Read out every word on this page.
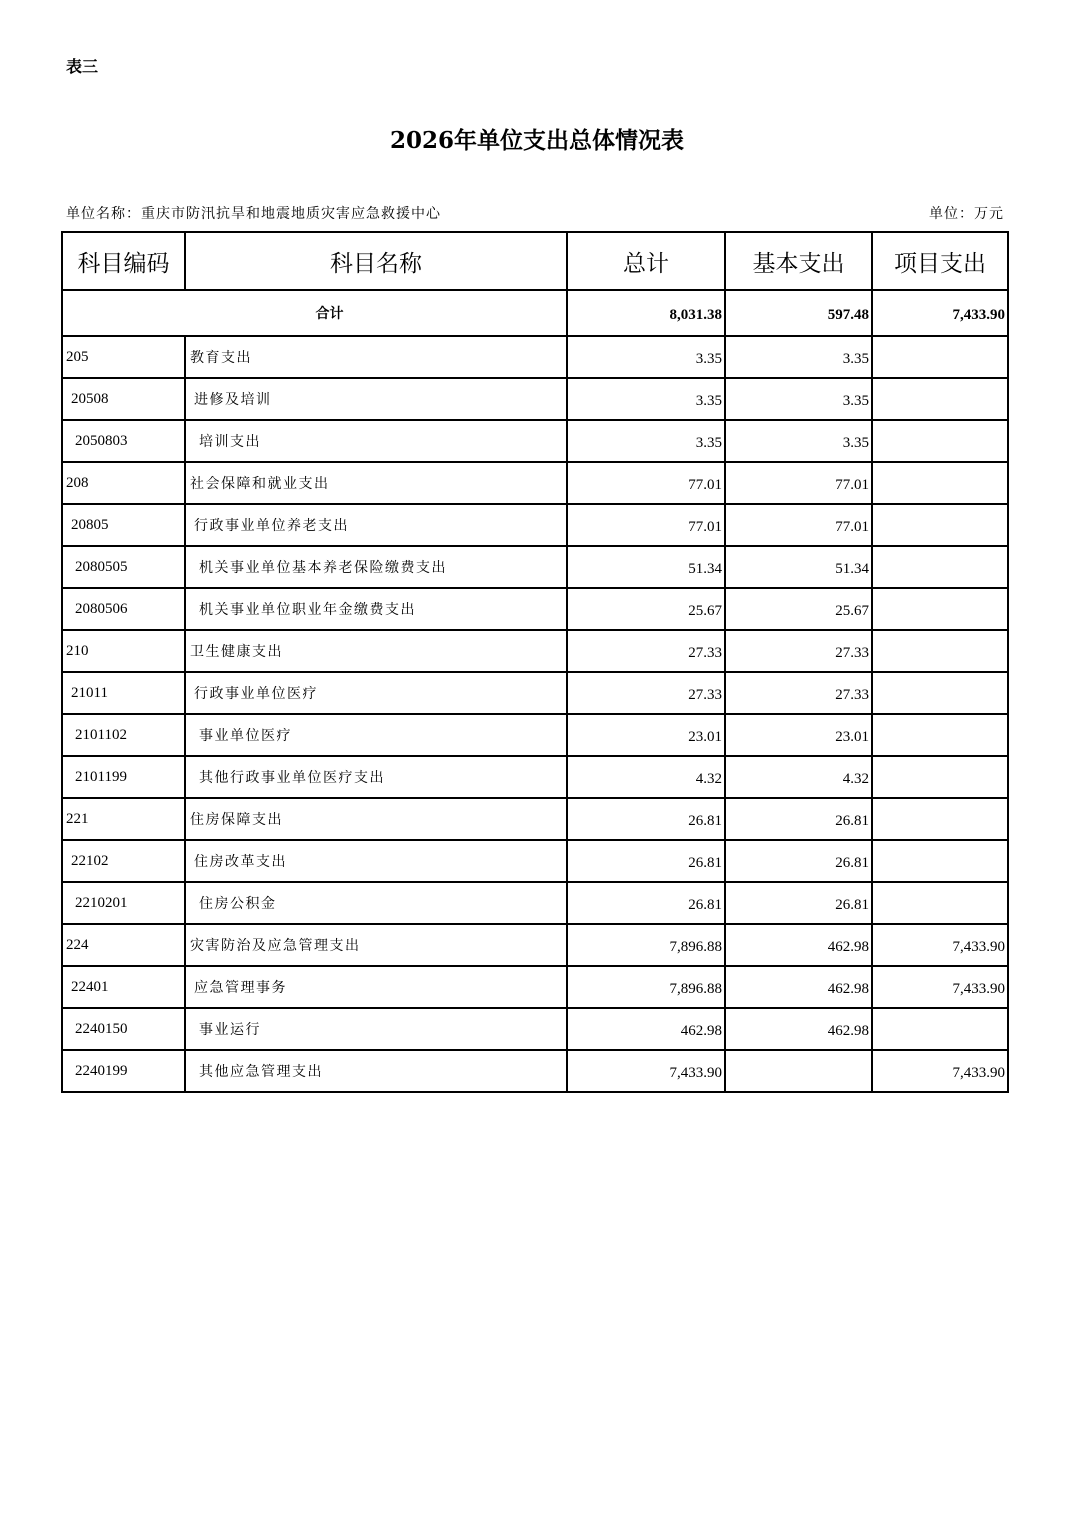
表三
2026年单位支出总体情况表
单位名称：重庆市防汛抗旱和地震地质灾害应急救援中心	单位：万元
科目编码	科目名称	总计	基本支出	项目支出
合计		8,031.38	597.48	7,433.90
205	教育支出	3.35	3.35	
20508	进修及培训	3.35	3.35	
2050803	培训支出	3.35	3.35	
208	社会保障和就业支出	77.01	77.01	
20805	行政事业单位养老支出	77.01	77.01	
2080505	机关事业单位基本养老保险缴费支出	51.34	51.34	
2080506	机关事业单位职业年金缴费支出	25.67	25.67	
210	卫生健康支出	27.33	27.33	
21011	行政事业单位医疗	27.33	27.33	
2101102	事业单位医疗	23.01	23.01	
2101199	其他行政事业单位医疗支出	4.32	4.32	
221	住房保障支出	26.81	26.81	
22102	住房改革支出	26.81	26.81	
2210201	住房公积金	26.81	26.81	
224	灾害防治及应急管理支出	7,896.88	462.98	7,433.90
22401	应急管理事务	7,896.88	462.98	7,433.90
2240150	事业运行	462.98	462.98	
2240199	其他应急管理支出	7,433.90		7,433.90
